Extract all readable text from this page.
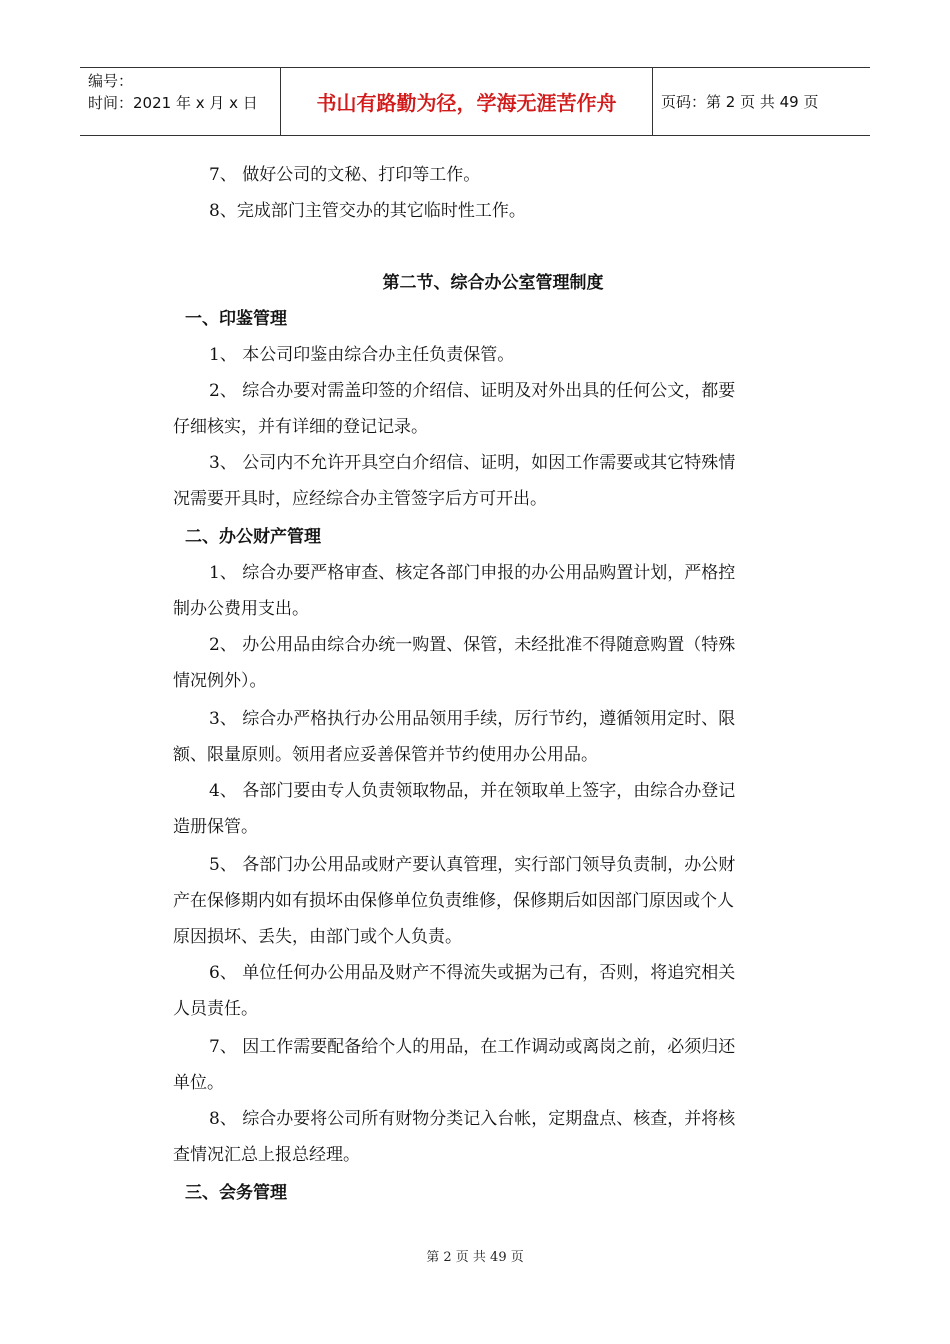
编号：
时间：2021 年 x 月 x 日	书山有路勤为径，学海无涯苦作舟	页码：第 2 页 共 49 页
7、 做好公司的文秘、打印等工作。
8、完成部门主管交办的其它临时性工作。
第二节、综合办公室管理制度
一、印鉴管理
1、 本公司印鉴由综合办主任负责保管。
2、 综合办要对需盖印签的介绍信、证明及对外出具的任何公文，都要
仔细核实，并有详细的登记记录。
3、 公司内不允许开具空白介绍信、证明，如因工作需要或其它特殊情
况需要开具时，应经综合办主管签字后方可开出。
二、办公财产管理
1、 综合办要严格审查、核定各部门申报的办公用品购置计划，严格控
制办公费用支出。
2、 办公用品由综合办统一购置、保管，未经批准不得随意购置（特殊
情况例外）。
3、 综合办严格执行办公用品领用手续，厉行节约，遵循领用定时、限
额、限量原则。领用者应妥善保管并节约使用办公用品。
4、 各部门要由专人负责领取物品，并在领取单上签字，由综合办登记
造册保管。
5、 各部门办公用品或财产要认真管理，实行部门领导负责制，办公财
产在保修期内如有损坏由保修单位负责维修，保修期后如因部门原因或个人
原因损坏、丢失，由部门或个人负责。
6、 单位任何办公用品及财产不得流失或据为己有，否则，将追究相关
人员责任。
7、 因工作需要配备给个人的用品，在工作调动或离岗之前，必须归还
单位。
8、 综合办要将公司所有财物分类记入台帐，定期盘点、核查，并将核
查情况汇总上报总经理。
三、会务管理
第 2 页 共 49 页
